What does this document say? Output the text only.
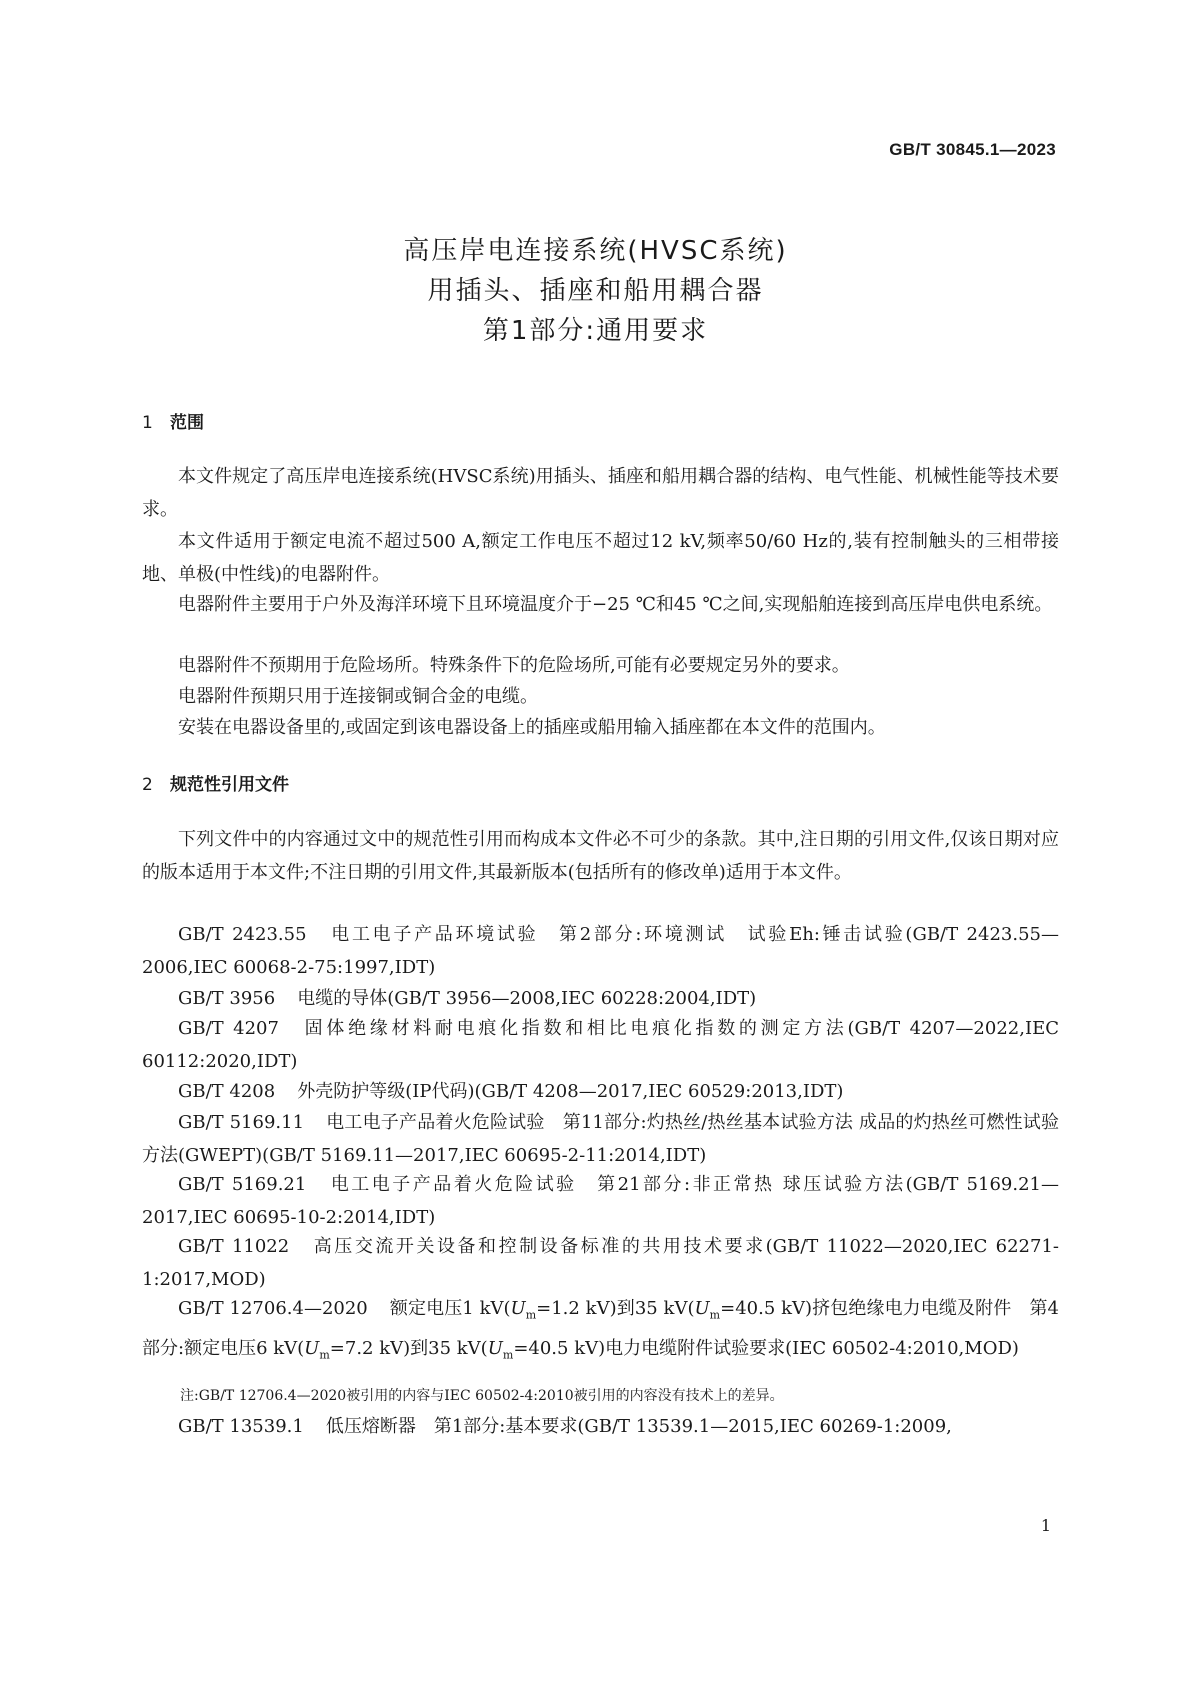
GB/T 30845.1—2023
高压岸电连接系统(HVSC系统)
用插头、插座和船用耦合器
第1部分:通用要求
1 范围
本文件规定了高压岸电连接系统(HVSC系统)用插头、插座和船用耦合器的结构、电气性能、机械性能等技术要求。
本文件适用于额定电流不超过500 A,额定工作电压不超过12 kV,频率50/60 Hz的,装有控制触头的三相带接地、单极(中性线)的电器附件。
电器附件主要用于户外及海洋环境下且环境温度介于−25 ℃和45 ℃之间,实现船舶连接到高压岸电供电系统。
电器附件不预期用于危险场所。特殊条件下的危险场所,可能有必要规定另外的要求。
电器附件预期只用于连接铜或铜合金的电缆。
安装在电器设备里的,或固定到该电器设备上的插座或船用输入插座都在本文件的范围内。
2 规范性引用文件
下列文件中的内容通过文中的规范性引用而构成本文件必不可少的条款。其中,注日期的引用文件,仅该日期对应的版本适用于本文件;不注日期的引用文件,其最新版本(包括所有的修改单)适用于本文件。
GB/T 2423.55 电工电子产品环境试验　第2部分:环境测试　试验Eh:锤击试验(GB/T 2423.55—2006,IEC 60068-2-75:1997,IDT)
GB/T 3956 电缆的导体(GB/T 3956—2008,IEC 60228:2004,IDT)
GB/T 4207 固体绝缘材料耐电痕化指数和相比电痕化指数的测定方法(GB/T 4207—2022,IEC 60112:2020,IDT)
GB/T 4208 外壳防护等级(IP代码)(GB/T 4208—2017,IEC 60529:2013,IDT)
GB/T 5169.11 电工电子产品着火危险试验　第11部分:灼热丝/热丝基本试验方法 成品的灼热丝可燃性试验方法(GWEPT)(GB/T 5169.11—2017,IEC 60695-2-11:2014,IDT)
GB/T 5169.21 电工电子产品着火危险试验　第21部分:非正常热 球压试验方法(GB/T 5169.21—2017,IEC 60695-10-2:2014,IDT)
GB/T 11022 高压交流开关设备和控制设备标准的共用技术要求(GB/T 11022—2020,IEC 62271-1:2017,MOD)
GB/T 12706.4—2020 额定电压1 $kV(U_m=1.2$ kV)到35 $kV(U_m=40.5$ kV)挤包绝缘电力电缆及附件　第4部分:额定电压6 $kV(U_m=7.2$ kV)到35 $kV(U_m=40.5$ kV)电力电缆附件试验要求(IEC 60502-4:2010,MOD)
注:GB/T 12706.4—2020被引用的内容与IEC 60502-4:2010被引用的内容没有技术上的差异。
GB/T 13539.1 低压熔断器　第1部分:基本要求(GB/T 13539.1—2015,IEC 60269-1:2009,
1
